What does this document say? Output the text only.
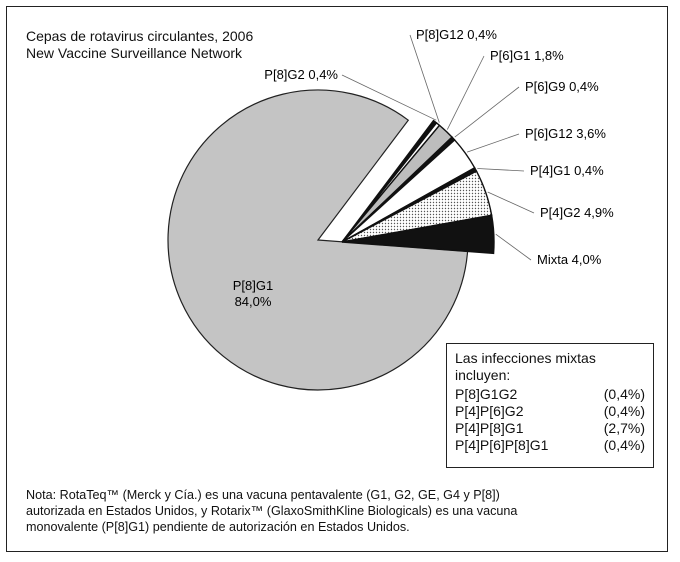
Cepas de rotavirus circulantes, 2006
New Vaccine Surveillance Network
P[8]G1
84,0%
P[8]G2 0,4%
P[8]G12 0,4%
P[6]G1 1,8%
P[6]G9 0,4%
P[6]G12 3,6%
P[4]G1 0,4%
P[4]G2 4,9%
Mixta 4,0%
Las infecciones mixtas
incluyen:
P[8]G1G2	(0,4%)
P[4]P[6]G2	(0,4%)
P[4]P[8]G1	(2,7%)
P[4]P[6]P[8]G1	(0,4%)
Nota: RotaTeq™ (Merck y Cía.) es una vacuna pentavalente (G1, G2, GE, G4 y P[8])
autorizada en Estados Unidos, y Rotarix™ (GlaxoSmithKline Biologicals) es una vacuna
monovalente (P[8]G1) pendiente de autorización en Estados Unidos.
